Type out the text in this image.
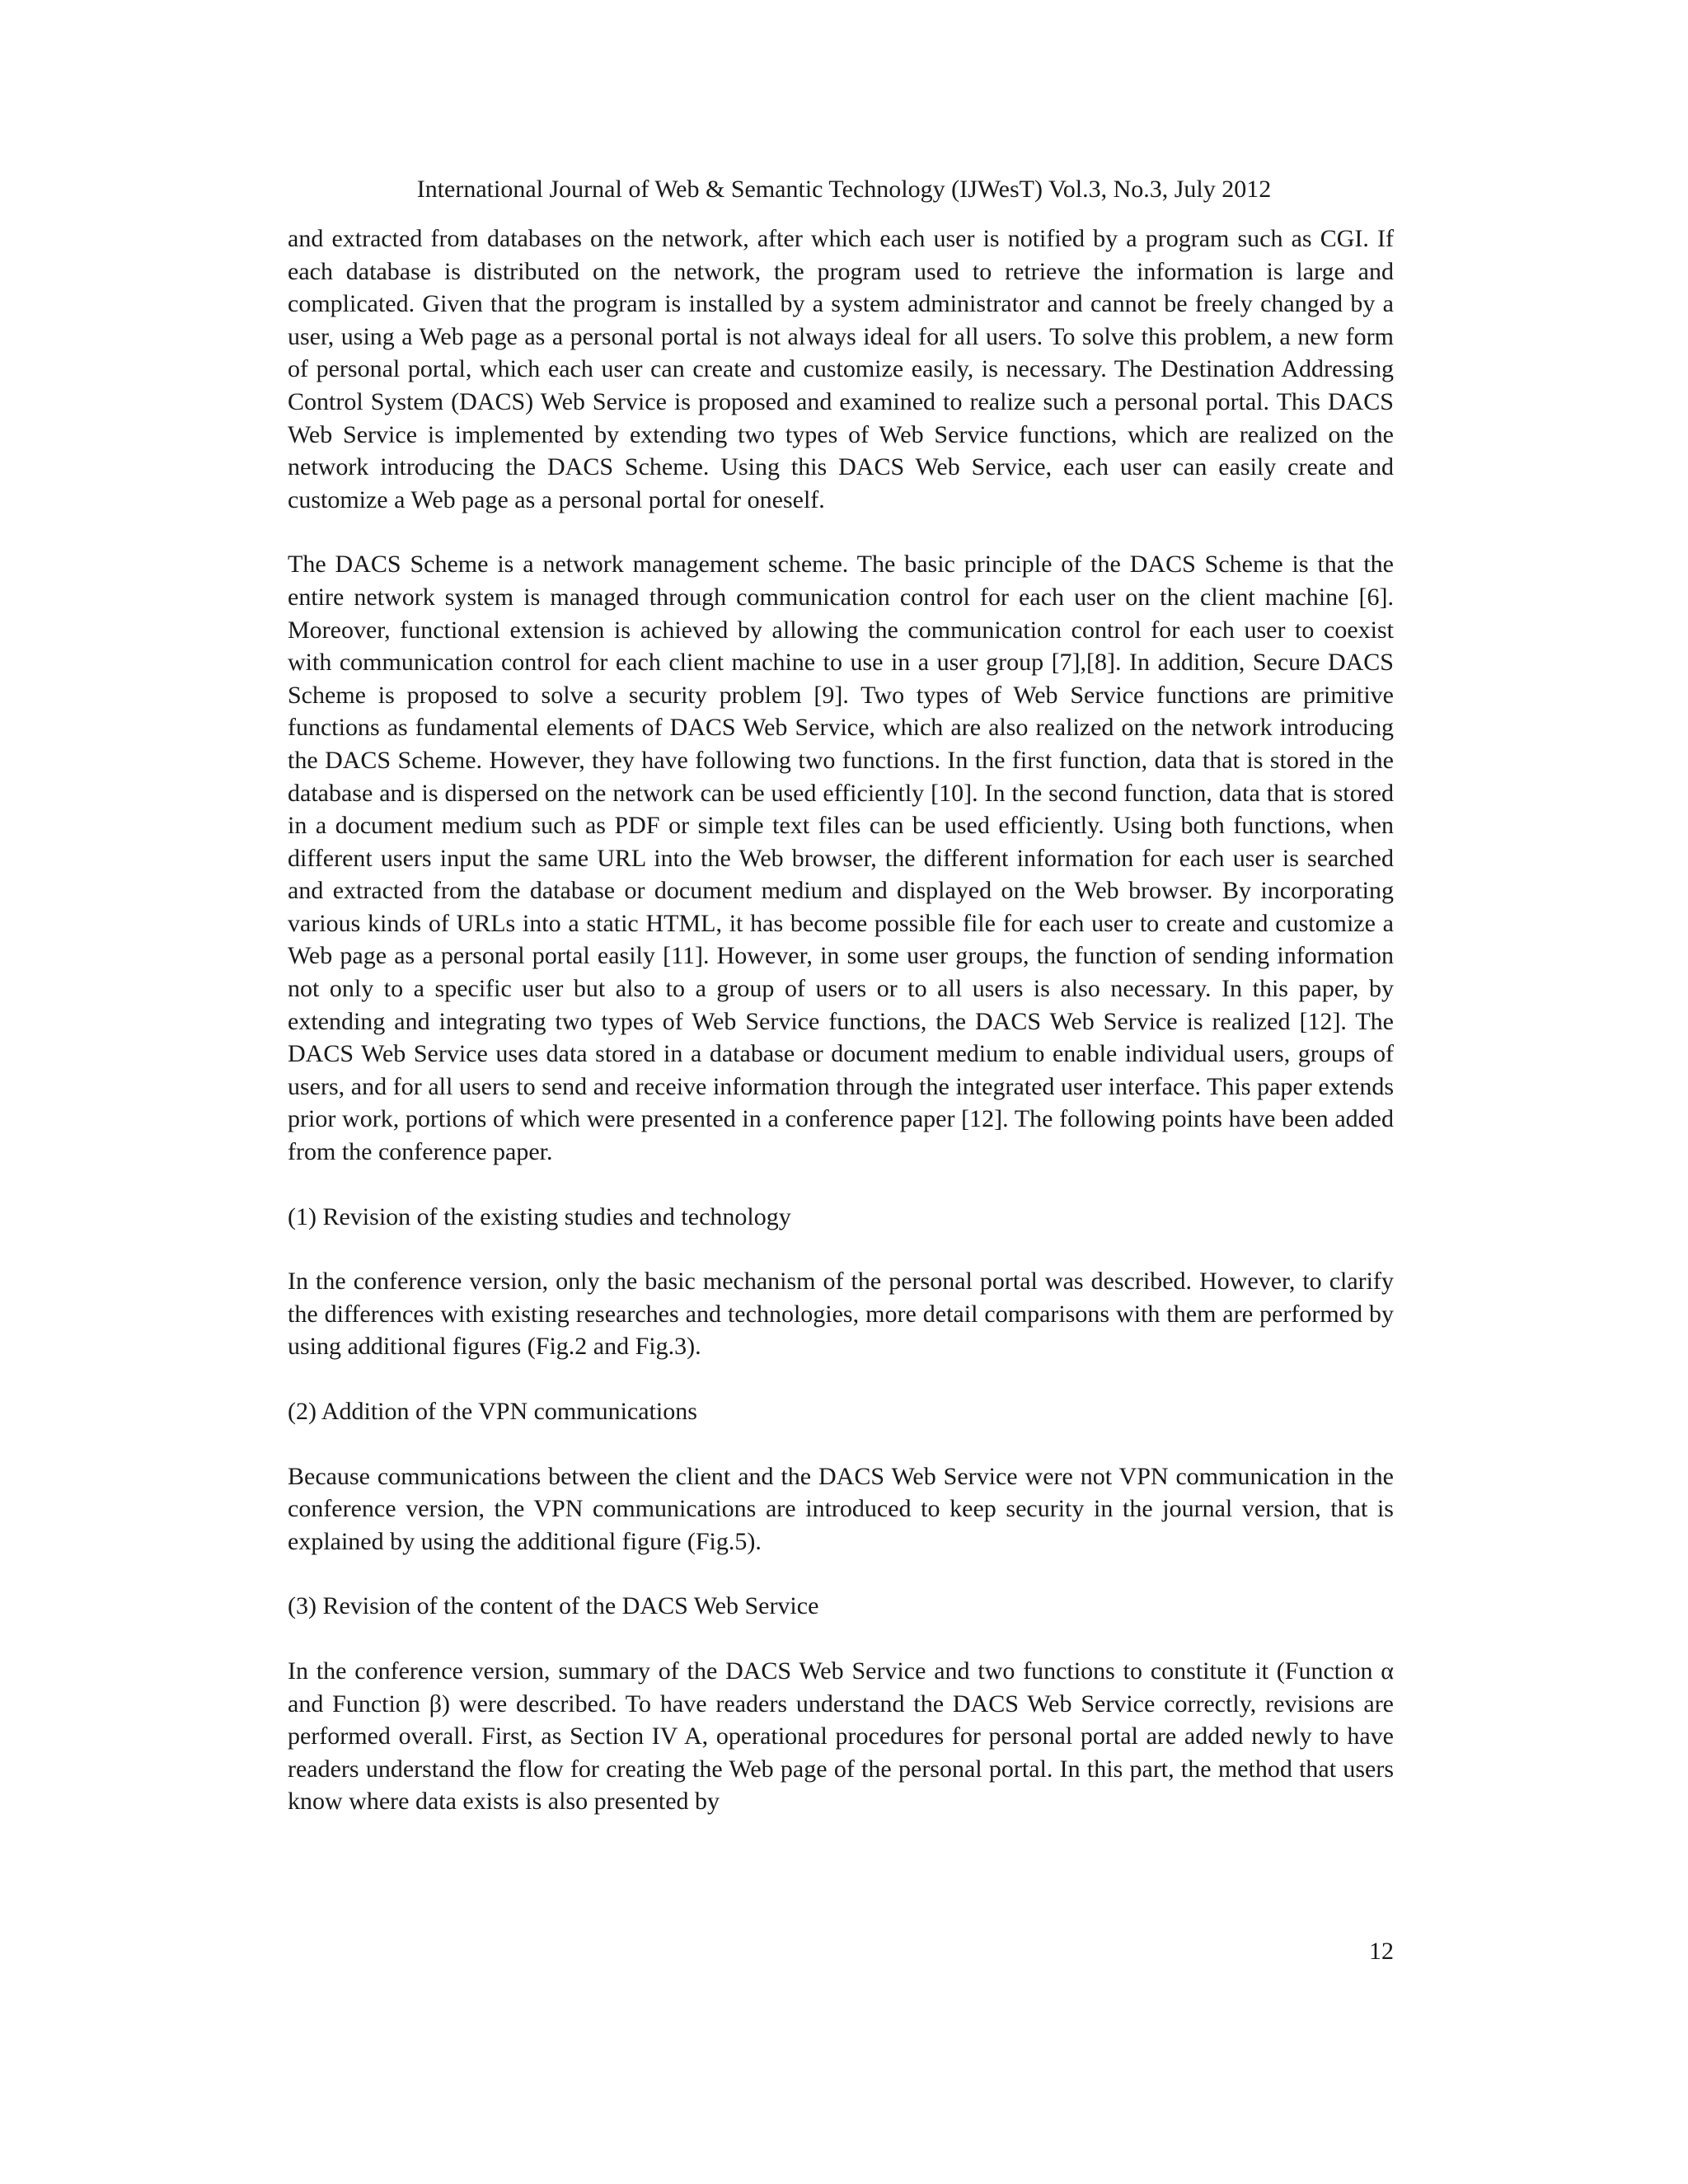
International Journal of Web & Semantic Technology (IJWesT) Vol.3, No.3, July 2012

and extracted from databases on the network, after which each user is notified by a program such as CGI. If each database is distributed on the network, the program used to retrieve the information is large and complicated. Given that the program is installed by a system administrator and cannot be freely changed by a user, using a Web page as a personal portal is not always ideal for all users. To solve this problem, a new form of personal portal, which each user can create and customize easily, is necessary. The Destination Addressing Control System (DACS) Web Service is proposed and examined to realize such a personal portal. This DACS Web Service is implemented by extending two types of Web Service functions, which are realized on the network introducing the DACS Scheme. Using this DACS Web Service, each user can easily create and customize a Web page as a personal portal for oneself.

The DACS Scheme is a network management scheme. The basic principle of the DACS Scheme is that the entire network system is managed through communication control for each user on the client machine [6]. Moreover, functional extension is achieved by allowing the communication control for each user to coexist with communication control for each client machine to use in a user group [7],[8]. In addition, Secure DACS Scheme is proposed to solve a security problem [9]. Two types of Web Service functions are primitive functions as fundamental elements of DACS Web Service, which are also realized on the network introducing the DACS Scheme. However, they have following two functions. In the first function, data that is stored in the database and is dispersed on the network can be used efficiently [10]. In the second function, data that is stored in a document medium such as PDF or simple text files can be used efficiently. Using both functions, when different users input the same URL into the Web browser, the different information for each user is searched and extracted from the database or document medium and displayed on the Web browser. By incorporating various kinds of URLs into a static HTML, it has become possible file for each user to create and customize a Web page as a personal portal easily [11]. However, in some user groups, the function of sending information not only to a specific user but also to a group of users or to all users is also necessary. In this paper, by extending and integrating two types of Web Service functions, the DACS Web Service is realized [12]. The DACS Web Service uses data stored in a database or document medium to enable individual users, groups of users, and for all users to send and receive information through the integrated user interface. This paper extends prior work, portions of which were presented in a conference paper [12]. The following points have been added from the conference paper.

(1) Revision of the existing studies and technology

In the conference version, only the basic mechanism of the personal portal was described. However, to clarify the differences with existing researches and technologies, more detail comparisons with them are performed by using additional figures (Fig.2 and Fig.3).

(2) Addition of the VPN communications

Because communications between the client and the DACS Web Service were not VPN communication in the conference version, the VPN communications are introduced to keep security in the journal version, that is explained by using the additional figure (Fig.5).

(3) Revision of the content of the DACS Web Service

In the conference version, summary of the DACS Web Service and two functions to constitute it (Function α and Function β) were described. To have readers understand the DACS Web Service correctly, revisions are performed overall. First, as Section IV A, operational procedures for personal portal are added newly to have readers understand the flow for creating the Web page of the personal portal. In this part, the method that users know where data exists is also presented by

12
